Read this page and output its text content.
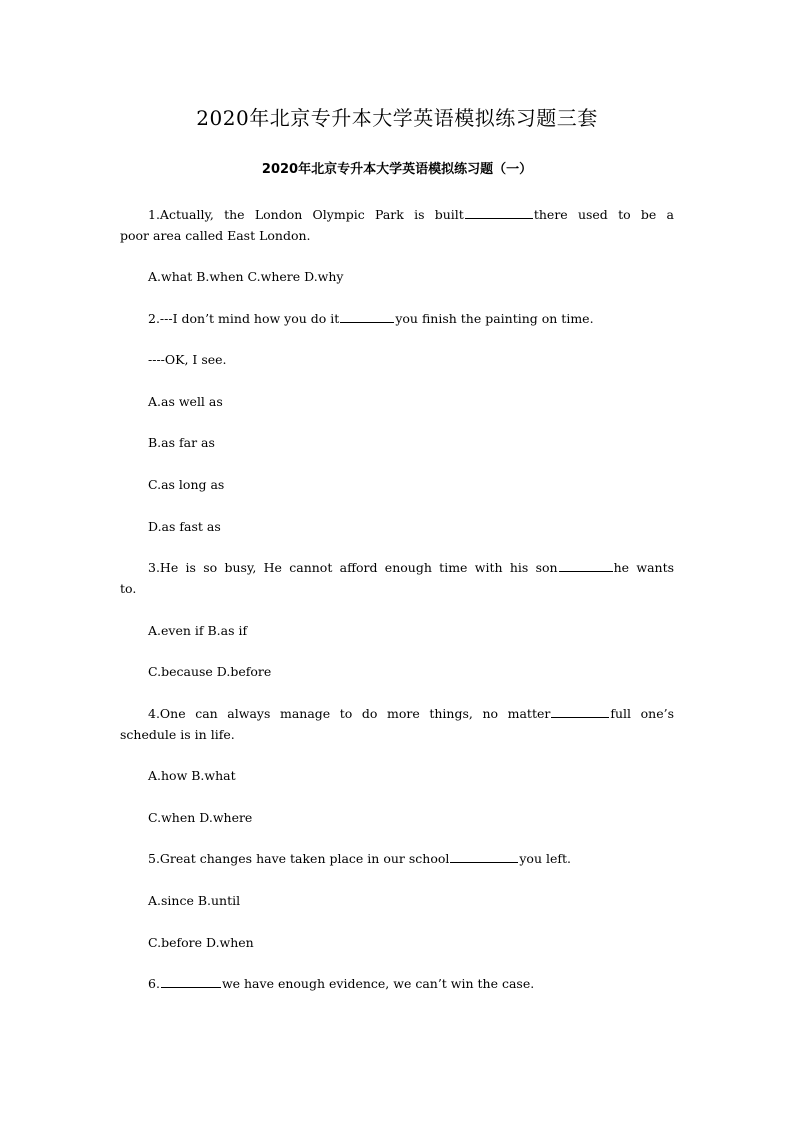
2020年北京专升本大学英语模拟练习题三套
2020年北京专升本大学英语模拟练习题（一）
1.Actually, the London Olympic Park is built	there used to be a
poor area called East London.
A.what B.when C.where D.why
2.---I don’t mind how you do it	you finish the painting on time.
----OK, I see.
A.as well as
B.as far as
C.as long as
D.as fast as
3.He is so busy, He cannot afford enough time with his son	he wants
to.
A.even if B.as if
C.because D.before
4.One can always manage to do more things, no matter	full one’s
schedule is in life.
A.how B.what
C.when D.where
5.Great changes have taken place in our school	you left.
A.since B.until
C.before D.when
6.	we have enough evidence, we can’t win the case.
